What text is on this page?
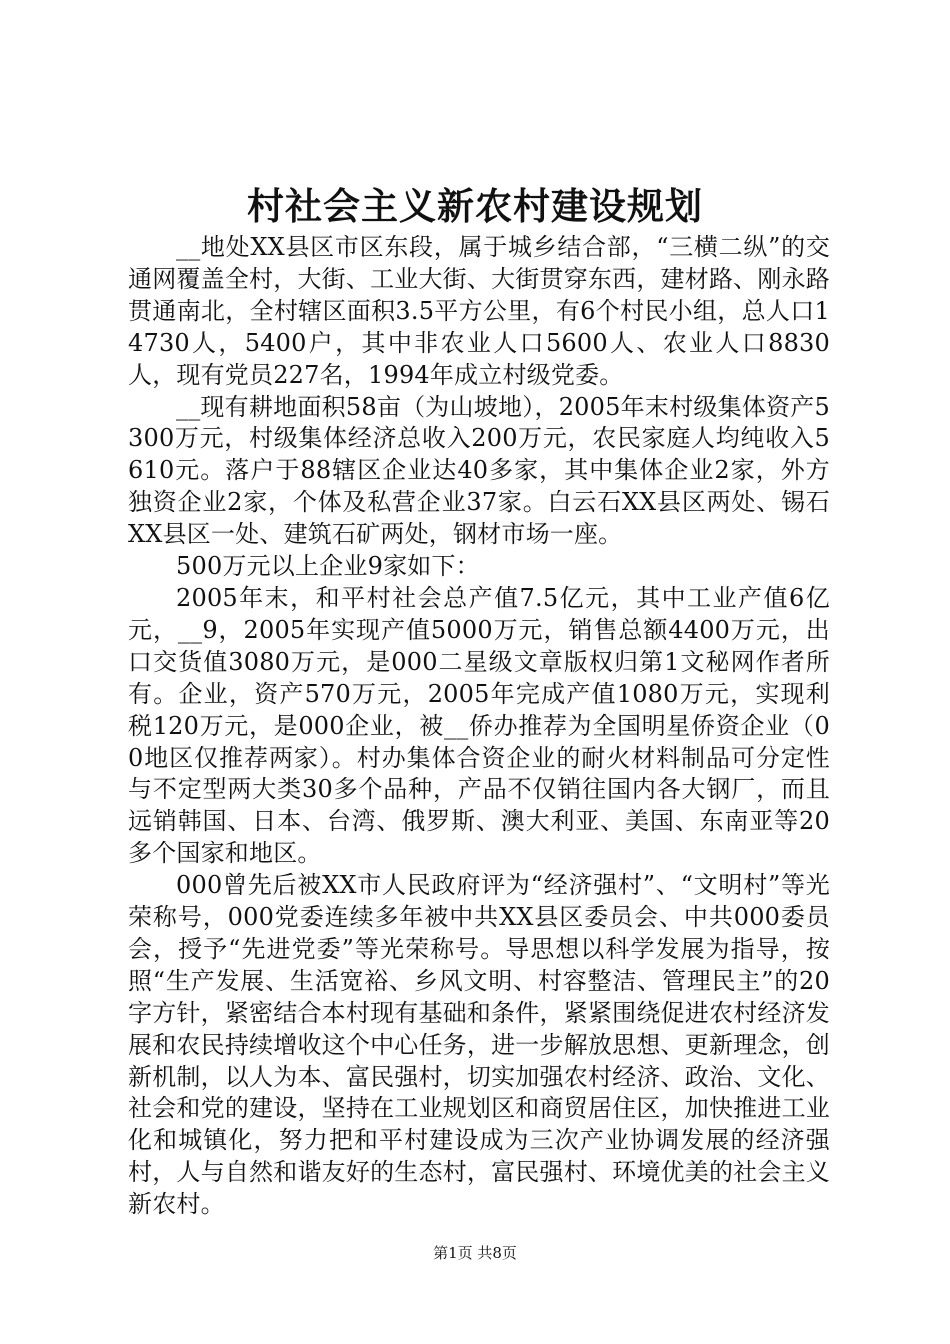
村社会主义新农村建设规划

__地处XX县区市区东段，属于城乡结合部，“三横二纵”的交通网覆盖全村，大街、工业大街、大街贯穿东西，建材路、刚永路贯通南北，全村辖区面积3.5平方公里，有6个村民小组，总人口14730人，5400户，其中非农业人口5600人、农业人口8830人，现有党员227名，1994年成立村级党委。

__现有耕地面积58亩（为山坡地），2005年末村级集体资产5300万元，村级集体经济总收入200万元，农民家庭人均纯收入5610元。落户于88辖区企业达40多家，其中集体企业2家，外方独资企业2家，个体及私营企业37家。白云石XX县区两处、锡石XX县区一处、建筑石矿两处，钢材市场一座。

500万元以上企业9家如下：

2005年末，和平村社会总产值7.5亿元，其中工业产值6亿元，__9，2005年实现产值5000万元，销售总额4400万元，出口交货值3080万元，是000二星级文章版权归第1文秘网作者所有。企业，资产570万元，2005年完成产值1080万元，实现利税120万元，是000企业，被__侨办推荐为全国明星侨资企业（00地区仅推荐两家）。村办集体合资企业的耐火材料制品可分定性与不定型两大类30多个品种，产品不仅销往国内各大钢厂，而且远销韩国、日本、台湾、俄罗斯、澳大利亚、美国、东南亚等20多个国家和地区。

000曾先后被XX市人民政府评为“经济强村”、“文明村”等光荣称号，000党委连续多年被中共XX县区委员会、中共000委员会，授予“先进党委”等光荣称号。导思想以科学发展为指导，按照“生产发展、生活宽裕、乡风文明、村容整洁、管理民主”的20字方针，紧密结合本村现有基础和条件，紧紧围绕促进农村经济发展和农民持续增收这个中心任务，进一步解放思想、更新理念，创新机制，以人为本、富民强村，切实加强农村经济、政治、文化、社会和党的建设，坚持在工业规划区和商贸居住区，加快推进工业化和城镇化，努力把和平村建设成为三次产业协调发展的经济强村，人与自然和谐友好的生态村，富民强村、环境优美的社会主义新农村。

第1页 共8页
